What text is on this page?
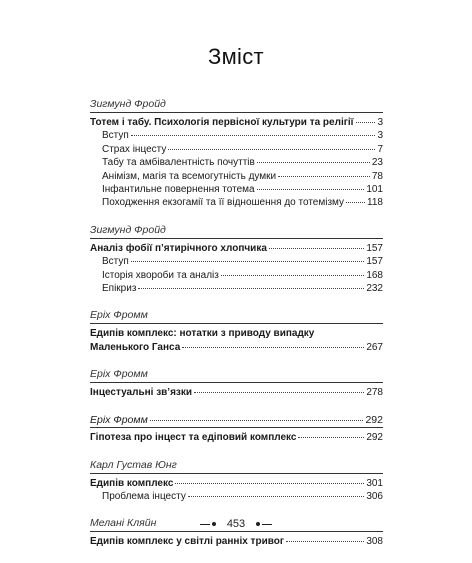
Зміст
Зигмунд Фройд
Тотем і табу. Психологія первісної культури та релігії 3
Вступ	3
Страх інцесту	7
Табу та амбівалентність почуттів	23
Анімізм, магія та всемогутність думки	78
Інфантильне повернення тотема	101
Походження екзогамії та її відношення до тотемізму 118
Зигмунд Фройд
Аналіз фобії п’ятирічного хлопчика	157
Вступ	157
Історія хвороби та аналіз	168
Епікриз	232
Еріх Фромм
Едипів комплекс: нотатки з приводу випадку
Маленького Ганса	267
Еріх Фромм
Інцестуальні зв’язки	278
Еріх Фромм	292
Гіпотеза про інцест та едіповий комплекс	292
Карл Густав Юнг
Едипів комплекс	301
Проблема інцесту	306
Мелані Кляйн
Едипів комплекс у світлі ранніх тривог	308
453
